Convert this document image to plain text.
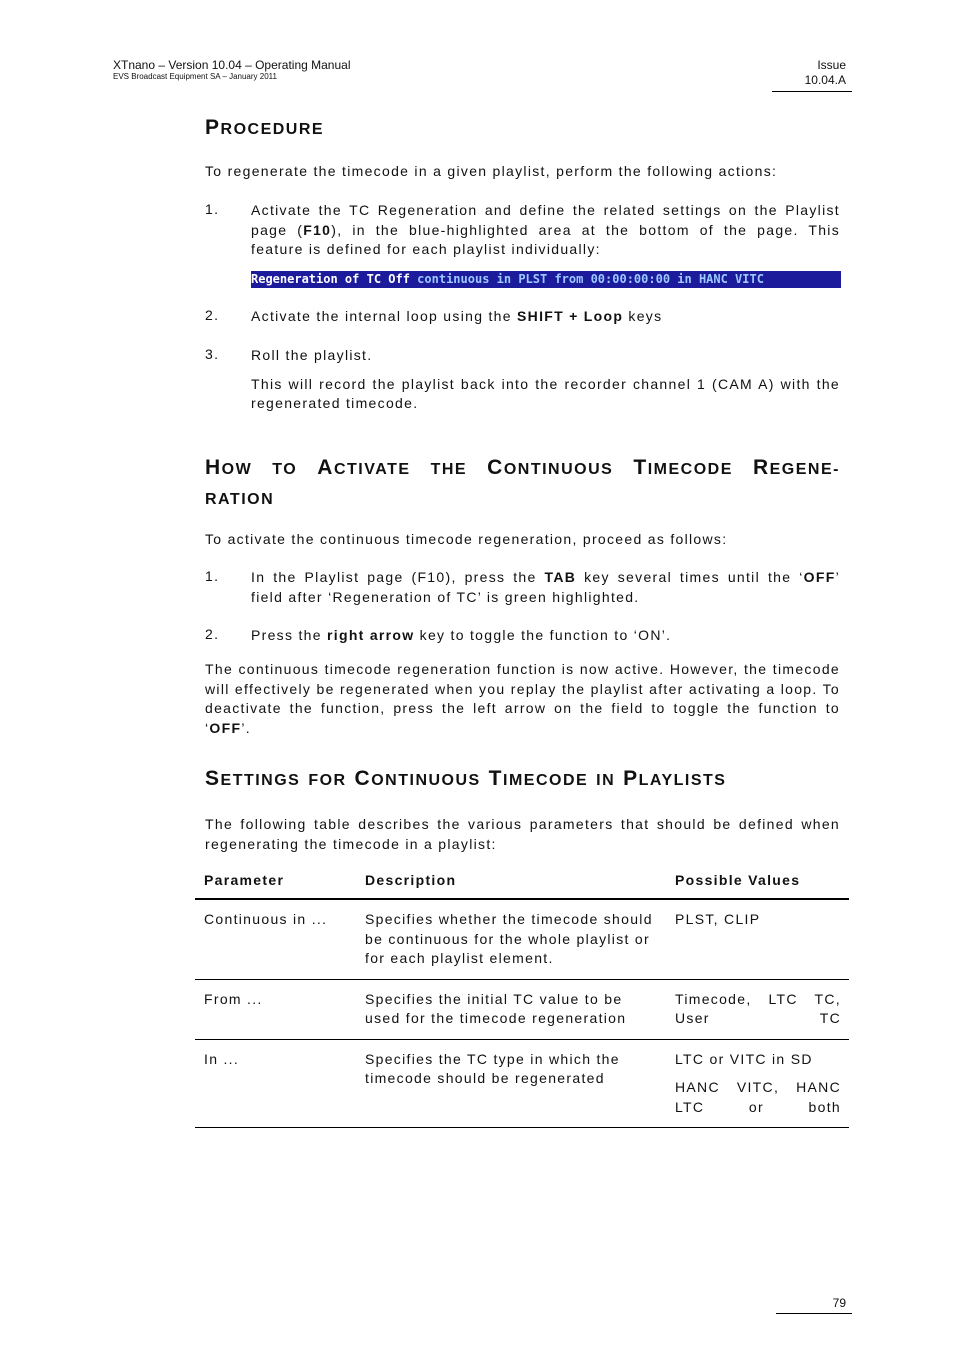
XTnano – Version 10.04 – Operating Manual
EVS Broadcast Equipment SA – January 2011
Issue
10.04.A
PROCEDURE

To regenerate the timecode in a given playlist, perform the following actions:

1. Activate the TC Regeneration and define the related settings on the Playlist page (F10), in the blue-highlighted area at the bottom of the page. This feature is defined for each playlist individually:
Regeneration of TC Off continuous in PLST from 00:00:00:00 in HANC VITC
2. Activate the internal loop using the SHIFT + Loop keys
3. Roll the playlist.
This will record the playlist back into the recorder channel 1 (CAM A) with the regenerated timecode.
HOW TO ACTIVATE THE CONTINUOUS TIMECODE REGENE-
RATION

To activate the continuous timecode regeneration, proceed as follows:

1. In the Playlist page (F10), press the TAB key several times until the ‘OFF’ field after ‘Regeneration of TC’ is green highlighted.
2. Press the right arrow key to toggle the function to ‘ON’.

The continuous timecode regeneration function is now active. However, the timecode will effectively be regenerated when you replay the playlist after activating a loop. To deactivate the function, press the left arrow on the field to toggle the function to ‘OFF’.

SETTINGS FOR CONTINUOUS TIMECODE IN PLAYLISTS

The following table describes the various parameters that should be defined when regenerating the timecode in a playlist:

Parameter	Description	Possible Values
Continuous in ...	Specifies whether the timecode should be continuous for the whole playlist or for each playlist element.	PLST, CLIP

From ...	Specifies the initial TC value to be used for the timecode regeneration	Timecode, LTC TC, User TC

In ...	Specifies the TC type in which the timecode should be regenerated	LTC or VITC in SD
HANC VITC, HANC LTC or both
79
